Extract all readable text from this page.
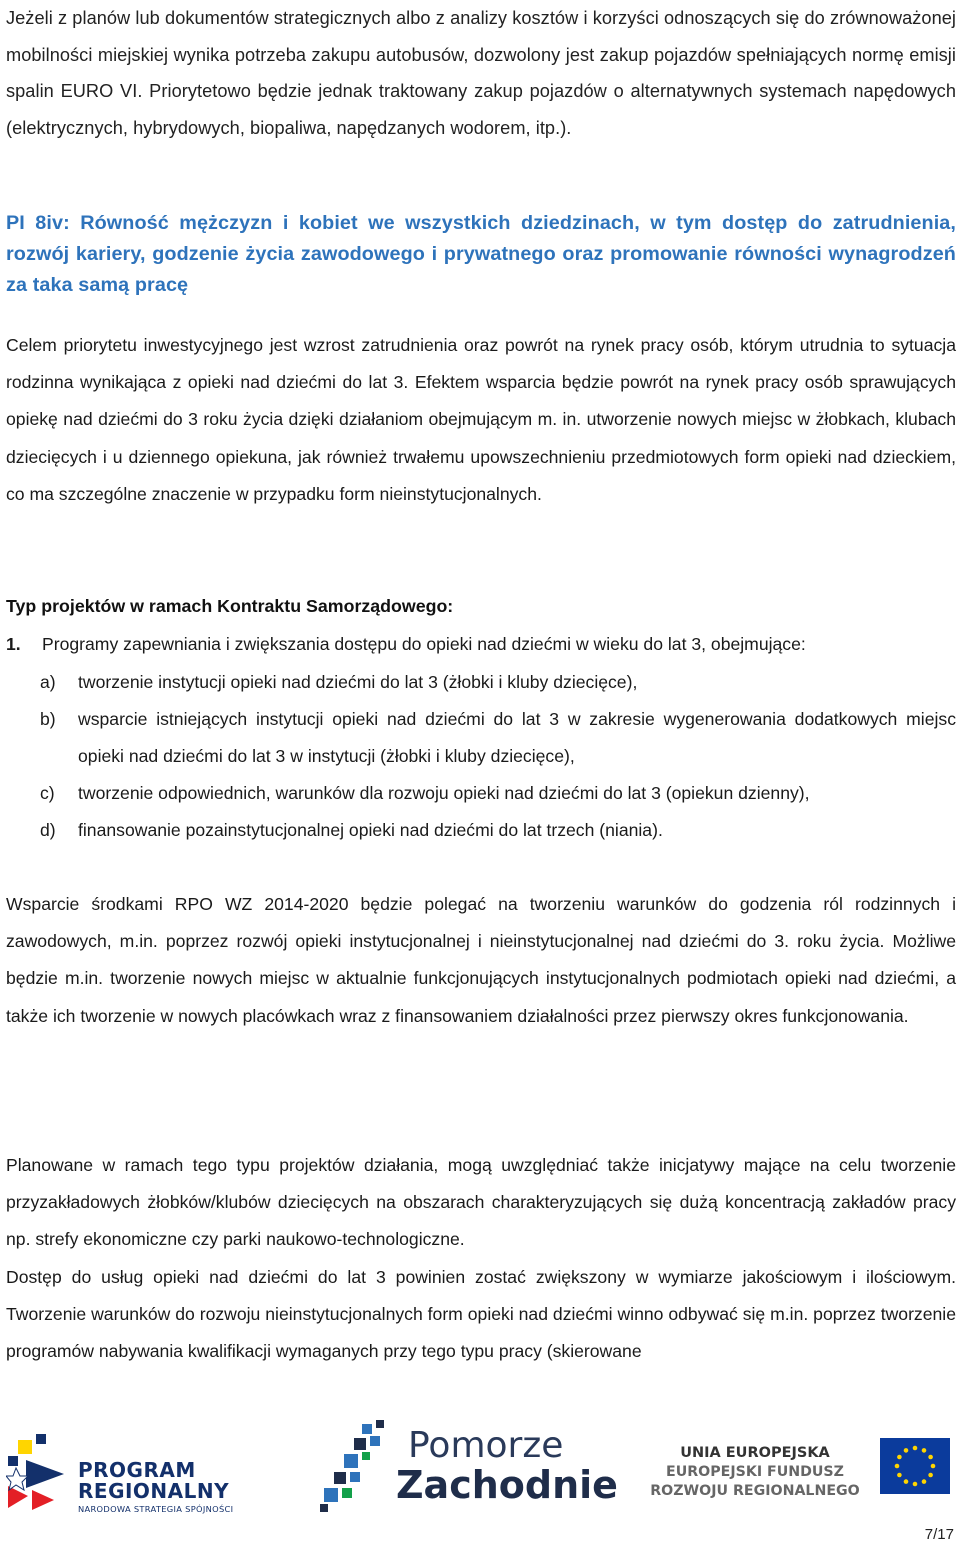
Jeżeli z planów lub dokumentów strategicznych albo z analizy kosztów i korzyści odnoszących się do zrównoważonej mobilności miejskiej wynika potrzeba zakupu autobusów, dozwolony jest zakup pojazdów spełniających normę emisji spalin EURO VI. Priorytetowo będzie jednak traktowany zakup pojazdów o alternatywnych systemach napędowych (elektrycznych, hybrydowych, biopaliwa, napędzanych wodorem, itp.).

PI 8iv: Równość mężczyzn i kobiet we wszystkich dziedzinach, w tym dostęp do zatrudnienia, rozwój kariery, godzenie życia zawodowego i prywatnego oraz promowanie równości wynagrodzeń za taka samą pracę

Celem priorytetu inwestycyjnego jest wzrost zatrudnienia oraz powrót na rynek pracy osób, którym utrudnia to sytuacja rodzinna wynikająca z opieki nad dziećmi do lat 3. Efektem wsparcia będzie powrót na rynek pracy osób sprawujących opiekę nad dziećmi do 3 roku życia dzięki działaniom obejmującym m. in. utworzenie nowych miejsc w żłobkach, klubach dziecięcych i u dziennego opiekuna, jak również trwałemu upowszechnieniu przedmiotowych form opieki nad dzieckiem, co ma szczególne znaczenie w przypadku form nieinstytucjonalnych.

Typ projektów w ramach Kontraktu Samorządowego:
1. Programy zapewniania i zwiększania dostępu do opieki nad dziećmi w wieku do lat 3, obejmujące:
a) tworzenie instytucji opieki nad dziećmi do lat 3 (żłobki i kluby dziecięce),
b) wsparcie istniejących instytucji opieki nad dziećmi do lat 3 w zakresie wygenerowania dodatkowych miejsc opieki nad dziećmi do lat 3 w instytucji (żłobki i kluby dziecięce),
c) tworzenie odpowiednich, warunków dla rozwoju opieki nad dziećmi do lat 3 (opiekun dzienny),
d) finansowanie pozainstytucjonalnej opieki nad dziećmi do lat trzech (niania).

Wsparcie środkami RPO WZ 2014-2020 będzie polegać na tworzeniu warunków do godzenia ról rodzinnych i zawodowych, m.in. poprzez rozwój opieki instytucjonalnej i nieinstytucjonalnej nad dziećmi do 3. roku życia. Możliwe będzie m.in. tworzenie nowych miejsc w aktualnie funkcjonujących instytucjonalnych podmiotach opieki nad dziećmi, a także ich tworzenie w nowych placówkach wraz z finansowaniem działalności przez pierwszy okres funkcjonowania.

Planowane w ramach tego typu projektów działania, mogą uwzględniać także inicjatywy mające na celu tworzenie przyzakładowych żłobków/klubów dziecięcych na obszarach charakteryzujących się dużą koncentracją zakładów pracy np. strefy ekonomiczne czy parki naukowo-technologiczne.

Dostęp do usług opieki nad dziećmi do lat 3 powinien zostać zwiększony w wymiarze jakościowym i ilościowym. Tworzenie warunków do rozwoju nieinstytucjonalnych form opieki nad dziećmi winno odbywać się m.in. poprzez tworzenie programów nabywania kwalifikacji wymaganych przy tego typu pracy (skierowane

PROGRAM
REGIONALNY
NARODOWA STRATEGIA SPÓJNOŚCI
Pomorze
Zachodnie
UNIA EUROPEJSKA
EUROPEJSKI FUNDUSZ
ROZWOJU REGIONALNEGO
7/17
